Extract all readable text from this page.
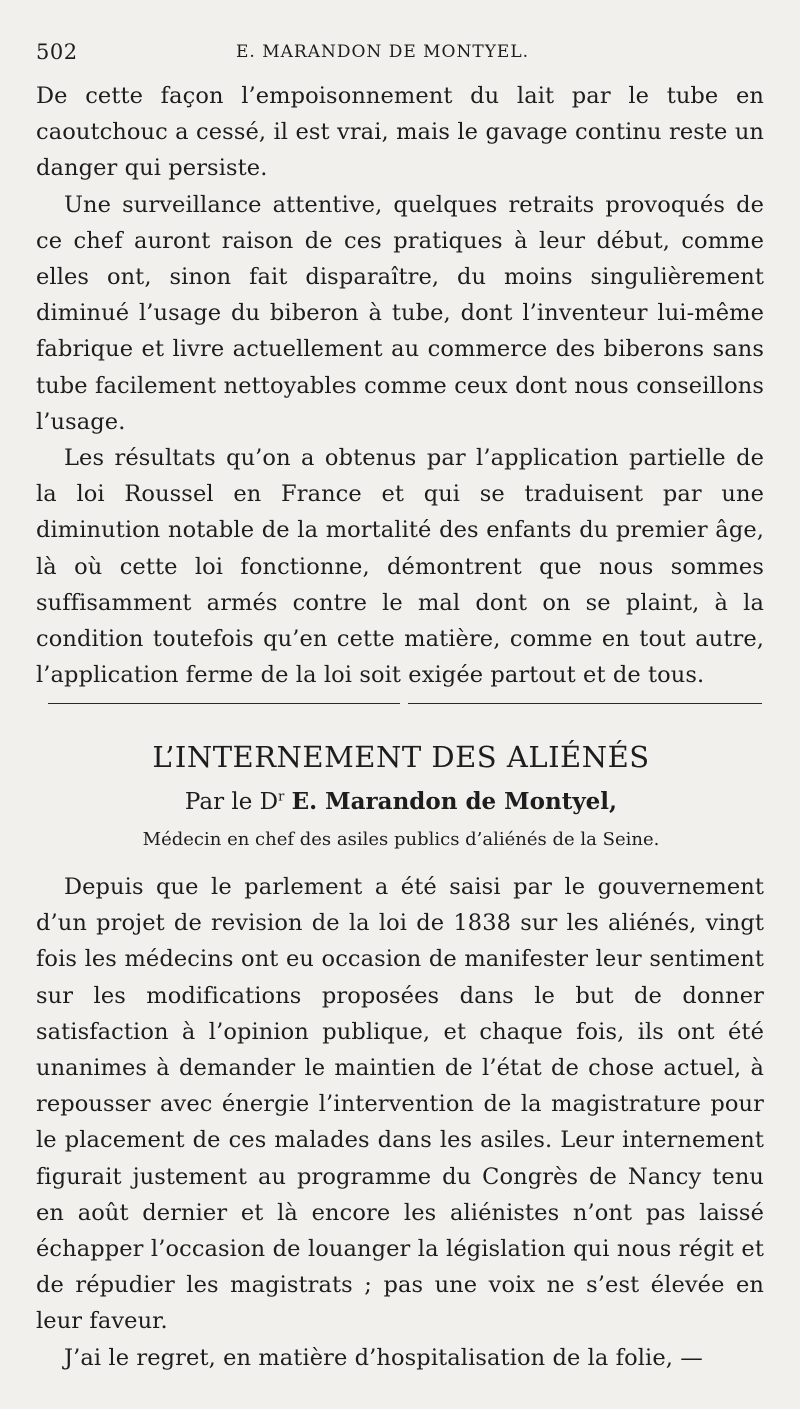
502	E. MARANDON DE MONTYEL.

De cette façon l’empoisonnement du lait par le tube en caoutchouc a cessé, il est vrai, mais le gavage continu reste un danger qui persiste.

Une surveillance attentive, quelques retraits provoqués de ce chef auront raison de ces pratiques à leur début, comme elles ont, sinon fait disparaître, du moins singulièrement diminué l’usage du biberon à tube, dont l’inventeur lui-même fabrique et livre actuellement au commerce des biberons sans tube facilement nettoyables comme ceux dont nous conseillons l’usage.

Les résultats qu’on a obtenus par l’application partielle de la loi Roussel en France et qui se traduisent par une diminution notable de la mortalité des enfants du premier âge, là où cette loi fonctionne, démontrent que nous sommes suffisamment armés contre le mal dont on se plaint, à la condition toutefois qu’en cette matière, comme en tout autre, l’application ferme de la loi soit exigée partout et de tous.

L’INTERNEMENT DES ALIÉNÉS
Par le $D^r$ E. Marandon de Montyel,
Médecin en chef des asiles publics d’aliénés de la Seine.

Depuis que le parlement a été saisi par le gouvernement d’un projet de revision de la loi de 1838 sur les aliénés, vingt fois les médecins ont eu occasion de manifester leur sentiment sur les modifications proposées dans le but de donner satisfaction à l’opinion publique, et chaque fois, ils ont été unanimes à demander le maintien de l’état de chose actuel, à repousser avec énergie l’intervention de la magistrature pour le placement de ces malades dans les asiles. Leur internement figurait justement au programme du Congrès de Nancy tenu en août dernier et là encore les aliénistes n’ont pas laissé échapper l’occasion de louanger la législation qui nous régit et de répudier les magistrats ; pas une voix ne s’est élevée en leur faveur.

J’ai le regret, en matière d’hospitalisation de la folie, —
